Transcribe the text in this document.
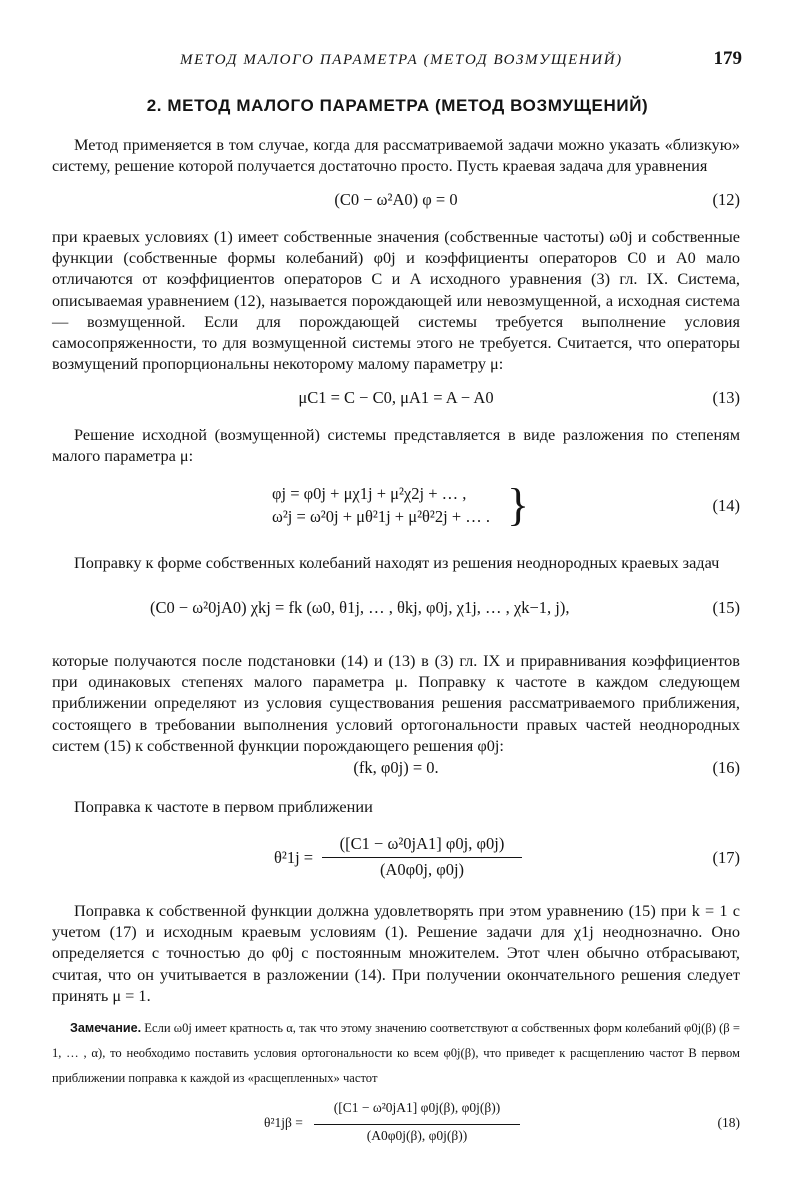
МЕТОД МАЛОГО ПАРАМЕТРА (МЕТОД ВОЗМУЩЕНИЙ)	179
2. МЕТОД МАЛОГО ПАРАМЕТРА (МЕТОД ВОЗМУЩЕНИЙ)
Метод применяется в том случае, когда для рассматриваемой задачи можно указать «близкую» систему, решение которой получается достаточно просто. Пусть краевая задача для уравнения
(C0 − ω²A0) φ = 0	(12)
при краевых условиях (1) имеет собственные значения (собственные частоты) ω0j и собственные функции (собственные формы колебаний) φ0j и коэффициенты операторов C0 и A0 мало отличаются от коэффициентов операторов C и A исходного уравнения (3) гл. IX. Система, описываемая уравнением (12), называется порождающей или невозмущенной, а исходная система — возмущенной. Если для порождающей системы требуется выполнение условия самосопряженности, то для возмущенной системы этого не требуется. Считается, что операторы возмущений пропорциональны некоторому малому параметру μ:
μC1 = C − C0, μA1 = A − A0	(13)
Решение исходной (возмущенной) системы представляется в виде разложения по степеням малого параметра μ:
φj = φ0j + μχ1j + μ²χ2j + … ,
ω²j = ω²0j + μθ²1j + μ²θ²2j + … . }	(14)
Поправку к форме собственных колебаний находят из решения неоднородных краевых задач
(C0 − ω²0jA0) χkj = fk (ω0, θ1j, … , θkj, φ0j, χ1j, … , χk−1, j),	(15)
которые получаются после подстановки (14) и (13) в (3) гл. IX и приравнивания коэффициентов при одинаковых степенях малого параметра μ. Поправку к частоте в каждом следующем приближении определяют из условия существования решения рассматриваемого приближения, состоящего в требовании выполнения условий ортогональности правых частей неоднородных систем (15) к собственной функции порождающего решения φ0j:
(fk, φ0j) = 0.	(16)
Поправка к частоте в первом приближении
θ²1j =
([C1 − ω²0jA1] φ0j, φ0j)
(A0φ0j, φ0j)
(17)
Поправка к собственной функции должна удовлетворять при этом уравнению (15) при k = 1 с учетом (17) и исходным краевым условиям (1). Решение задачи для χ1j неоднозначно. Оно определяется с точностью до φ0j с постоянным множителем. Этот член обычно отбрасывают, считая, что он учитывается в разложении (14). При получении окончательного решения следует принять μ = 1.
Замечание. Если ω0j имеет кратность α, так что этому значению соответствуют α собственных форм колебаний φ0j(β) (β = 1, … , α), то необходимо поставить условия ортогональности ко всем φ0j(β), что приведет к расщеплению частот В первом приближении поправка к каждой из «расщепленных» частот
θ²1jβ =
([C1 − ω²0jA1] φ0j(β), φ0j(β))
(A0φ0j(β), φ0j(β))
(18)
